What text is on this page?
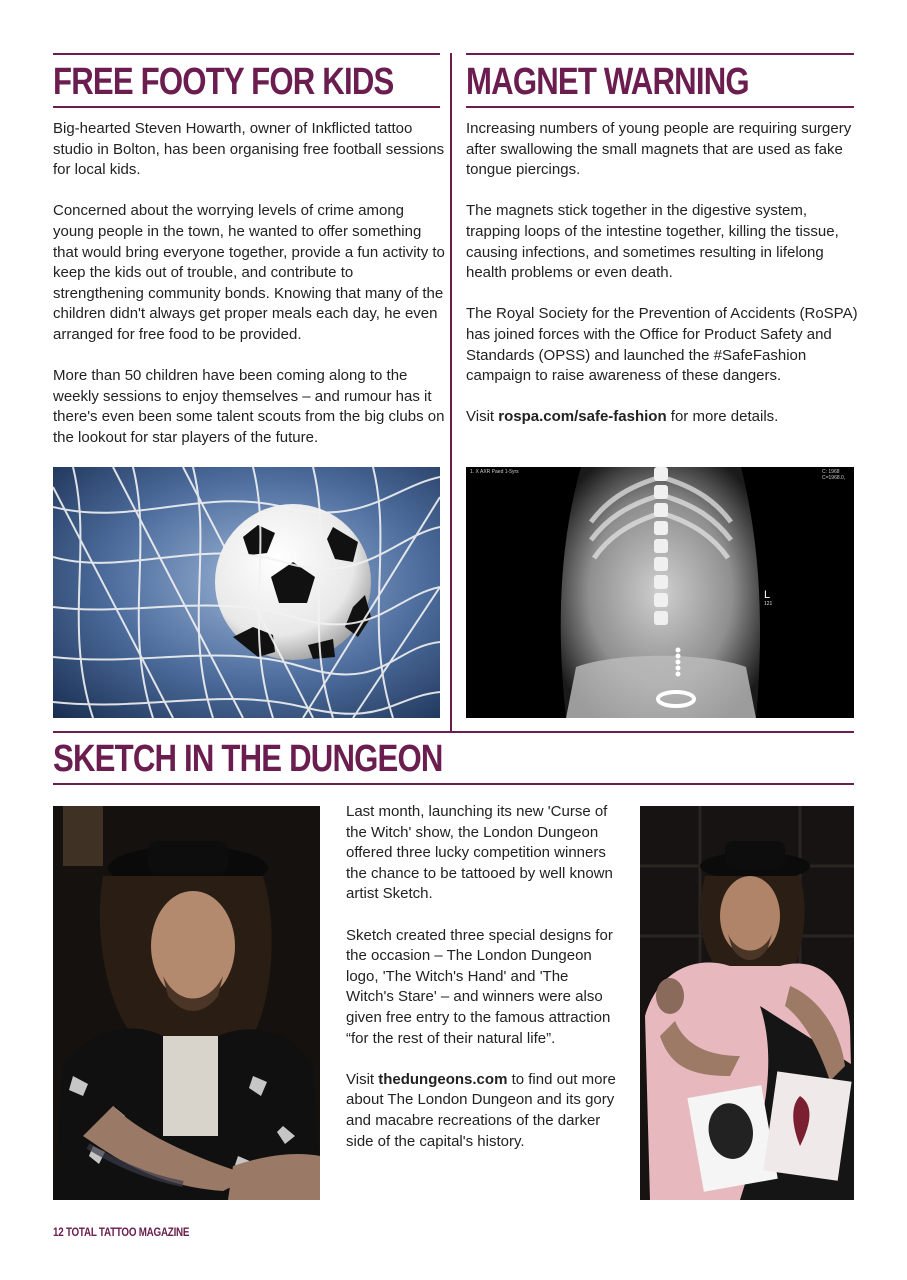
FREE FOOTY FOR KIDS

Big-hearted Steven Howarth, owner of Inkflicted tattoo studio in Bolton, has been organising free football sessions for local kids.

Concerned about the worrying levels of crime among young people in the town, he wanted to offer something that would bring everyone together, provide a fun activity to keep the kids out of trouble, and contribute to strengthening community bonds. Knowing that many of the children didn't always get proper meals each day, he even arranged for free food to be provided.

More than 50 children have been coming along to the weekly sessions to enjoy themselves – and rumour has it there's even been some talent scouts from the big clubs on the lookout for star players of the future.

MAGNET WARNING

Increasing numbers of young people are requiring surgery after swallowing the small magnets that are used as fake tongue piercings.

The magnets stick together in the digestive system, trapping loops of the intestine together, killing the tissue, causing infections, and sometimes resulting in lifelong health problems or even death.

The Royal Society for the Prevention of Accidents (RoSPA) has joined forces with the Office for Product Safety and Standards (OPSS) and launched the #SafeFashion campaign to raise awareness of these dangers.

Visit rospa.com/safe-fashion for more details.

1. X AXR Paed 1-5yrs	C: 1968
C=1968.0,
L
121
SKETCH IN THE DUNGEON

Last month, launching its new 'Curse of the Witch' show, the London Dungeon offered three lucky competition winners the chance to be tattooed by well known artist Sketch.

Sketch created three special designs for the occasion – The London Dungeon logo, 'The Witch's Hand' and 'The Witch's Stare' – and winners were also given free entry to the famous attraction “for the rest of their natural life”.

Visit thedungeons.com to find out more about The London Dungeon and its gory and macabre recreations of the darker side of the capital's history.

12 TOTAL TATTOO MAGAZINE
